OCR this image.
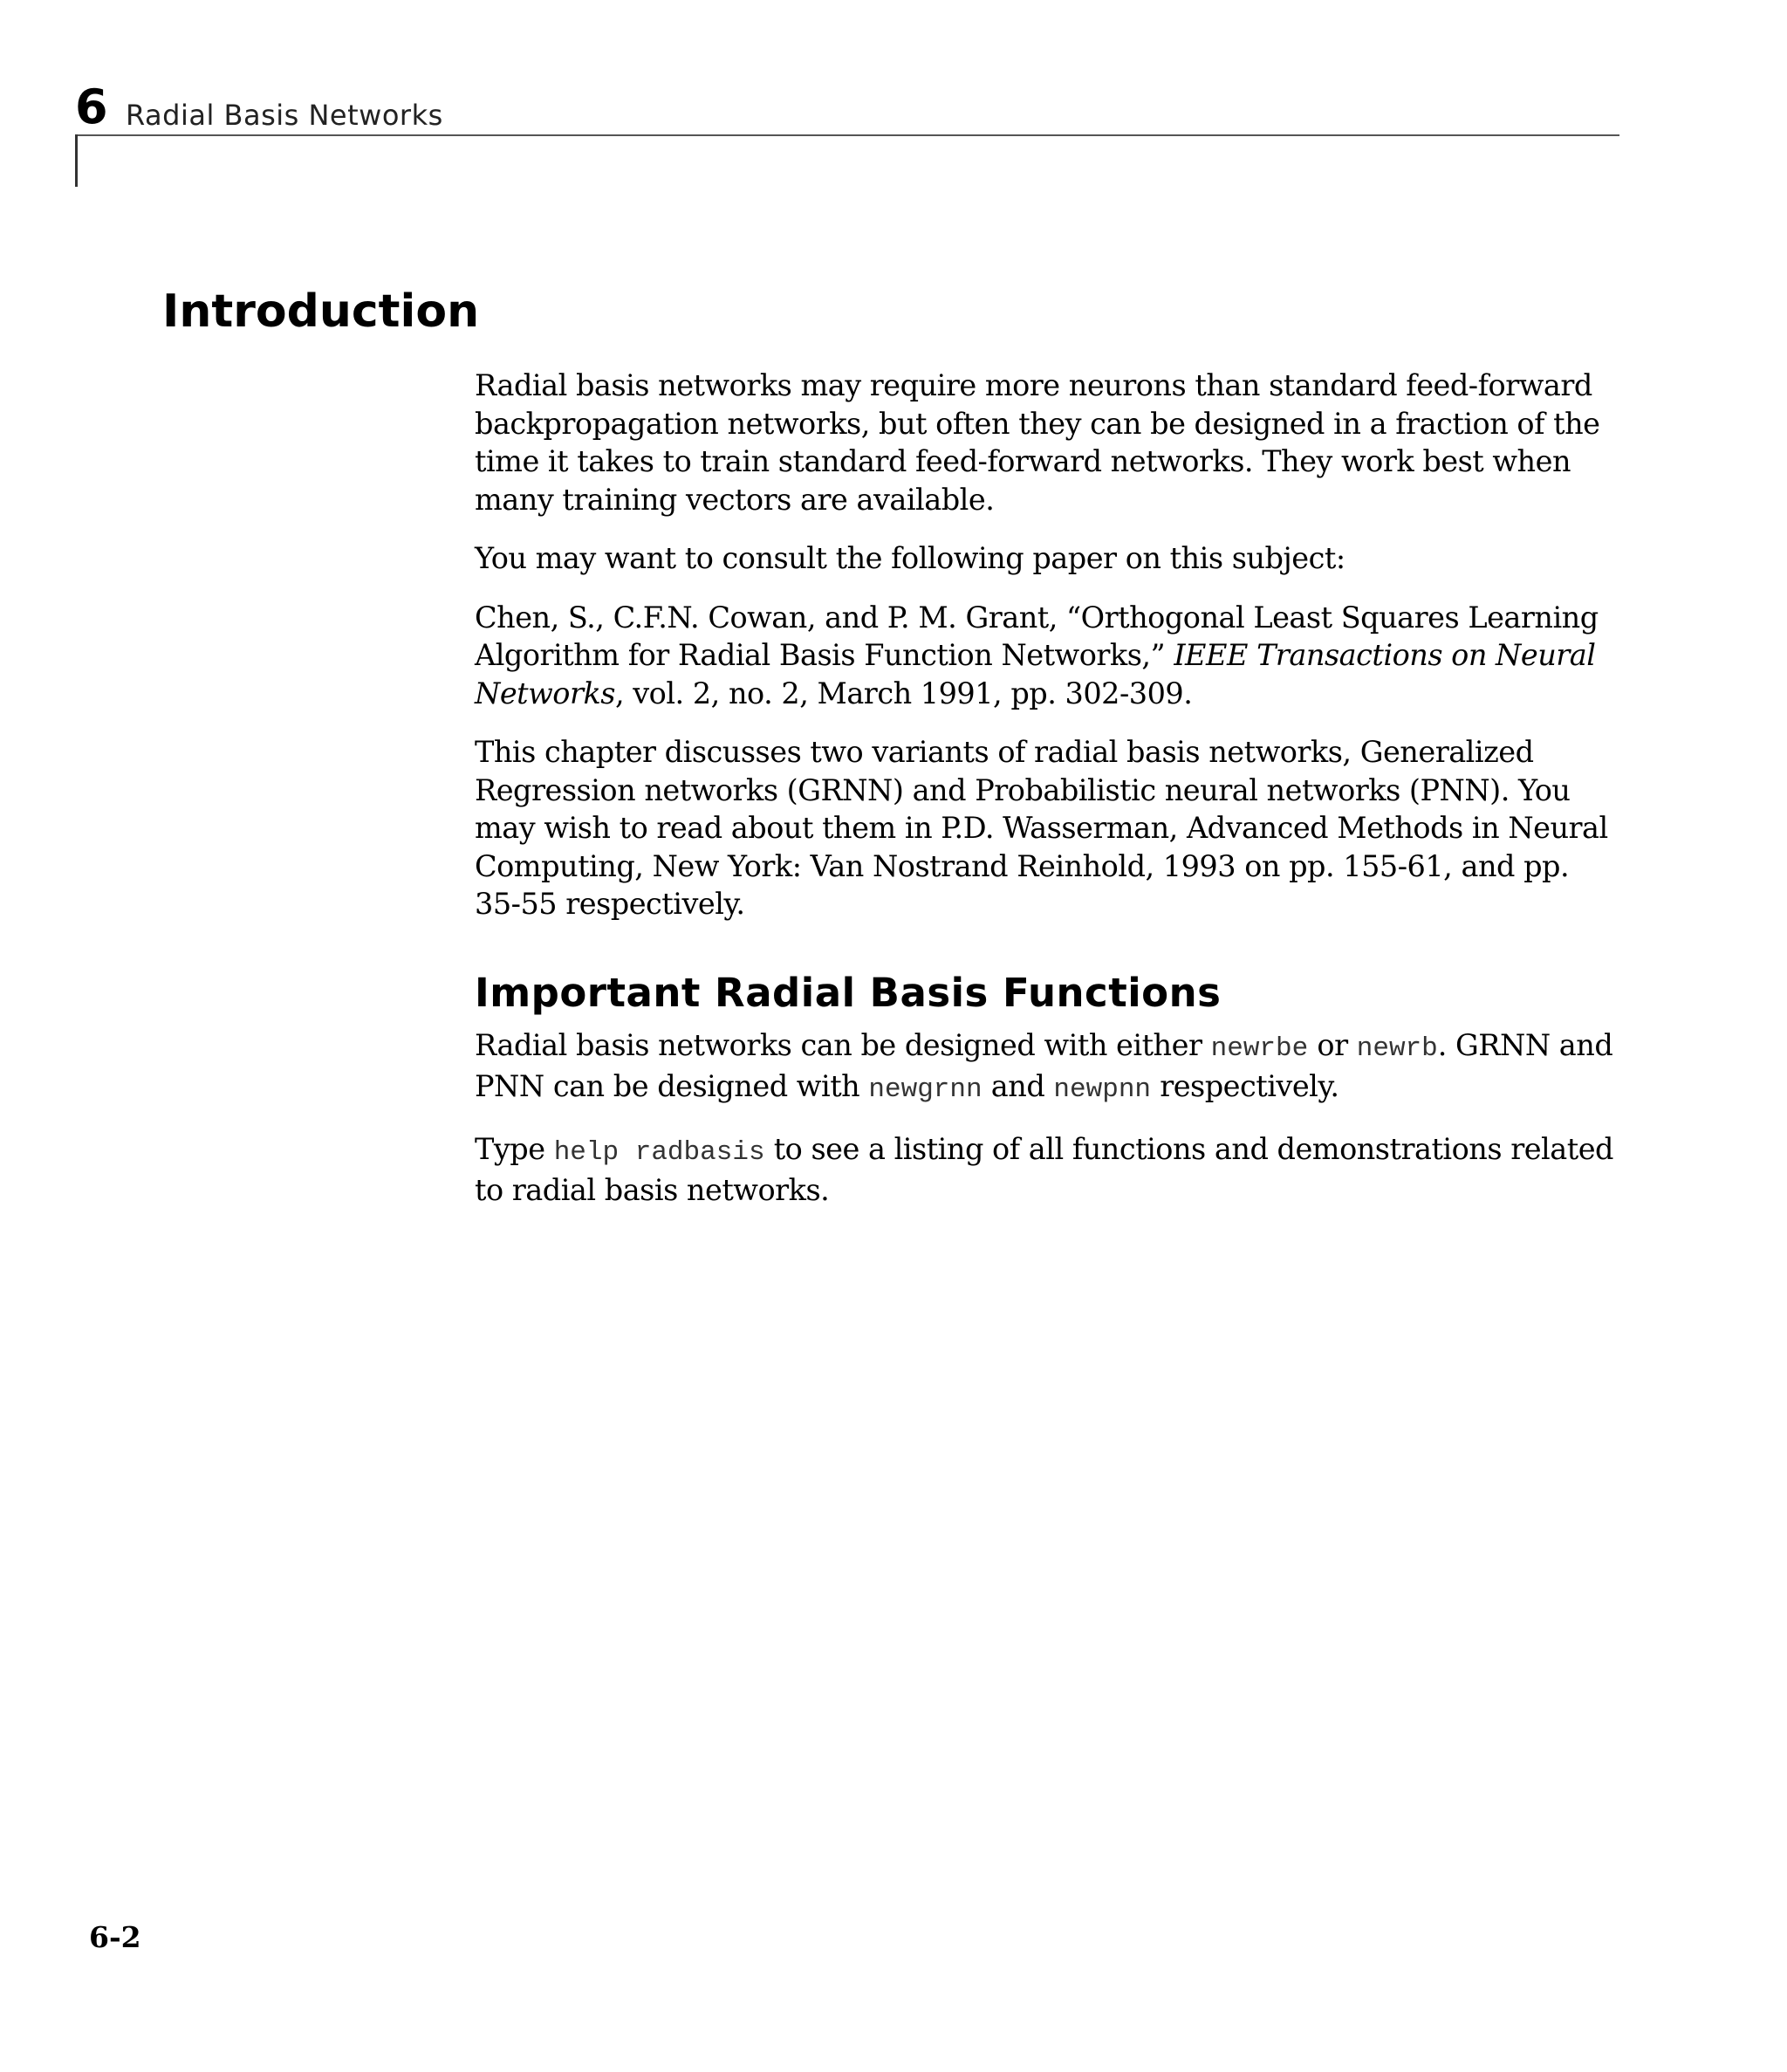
6 Radial Basis Networks
Introduction

Radial basis networks may require more neurons than standard feed-forward backpropagation networks, but often they can be designed in a fraction of the time it takes to train standard feed-forward networks. They work best when many training vectors are available.

You may want to consult the following paper on this subject:

Chen, S., C.F.N. Cowan, and P. M. Grant, “Orthogonal Least Squares Learning Algorithm for Radial Basis Function Networks,” IEEE Transactions on Neural Networks, vol. 2, no. 2, March 1991, pp. 302-309.

This chapter discusses two variants of radial basis networks, Generalized Regression networks (GRNN) and Probabilistic neural networks (PNN). You may wish to read about them in P.D. Wasserman, Advanced Methods in Neural Computing, New York: Van Nostrand Reinhold, 1993 on pp. 155-61, and pp. 35-55 respectively.

Important Radial Basis Functions

Radial basis networks can be designed with either newrbe or newrb. GRNN and PNN can be designed with newgrnn and newpnn respectively.

Type help radbasis to see a listing of all functions and demonstrations related to radial basis networks.

6-2
